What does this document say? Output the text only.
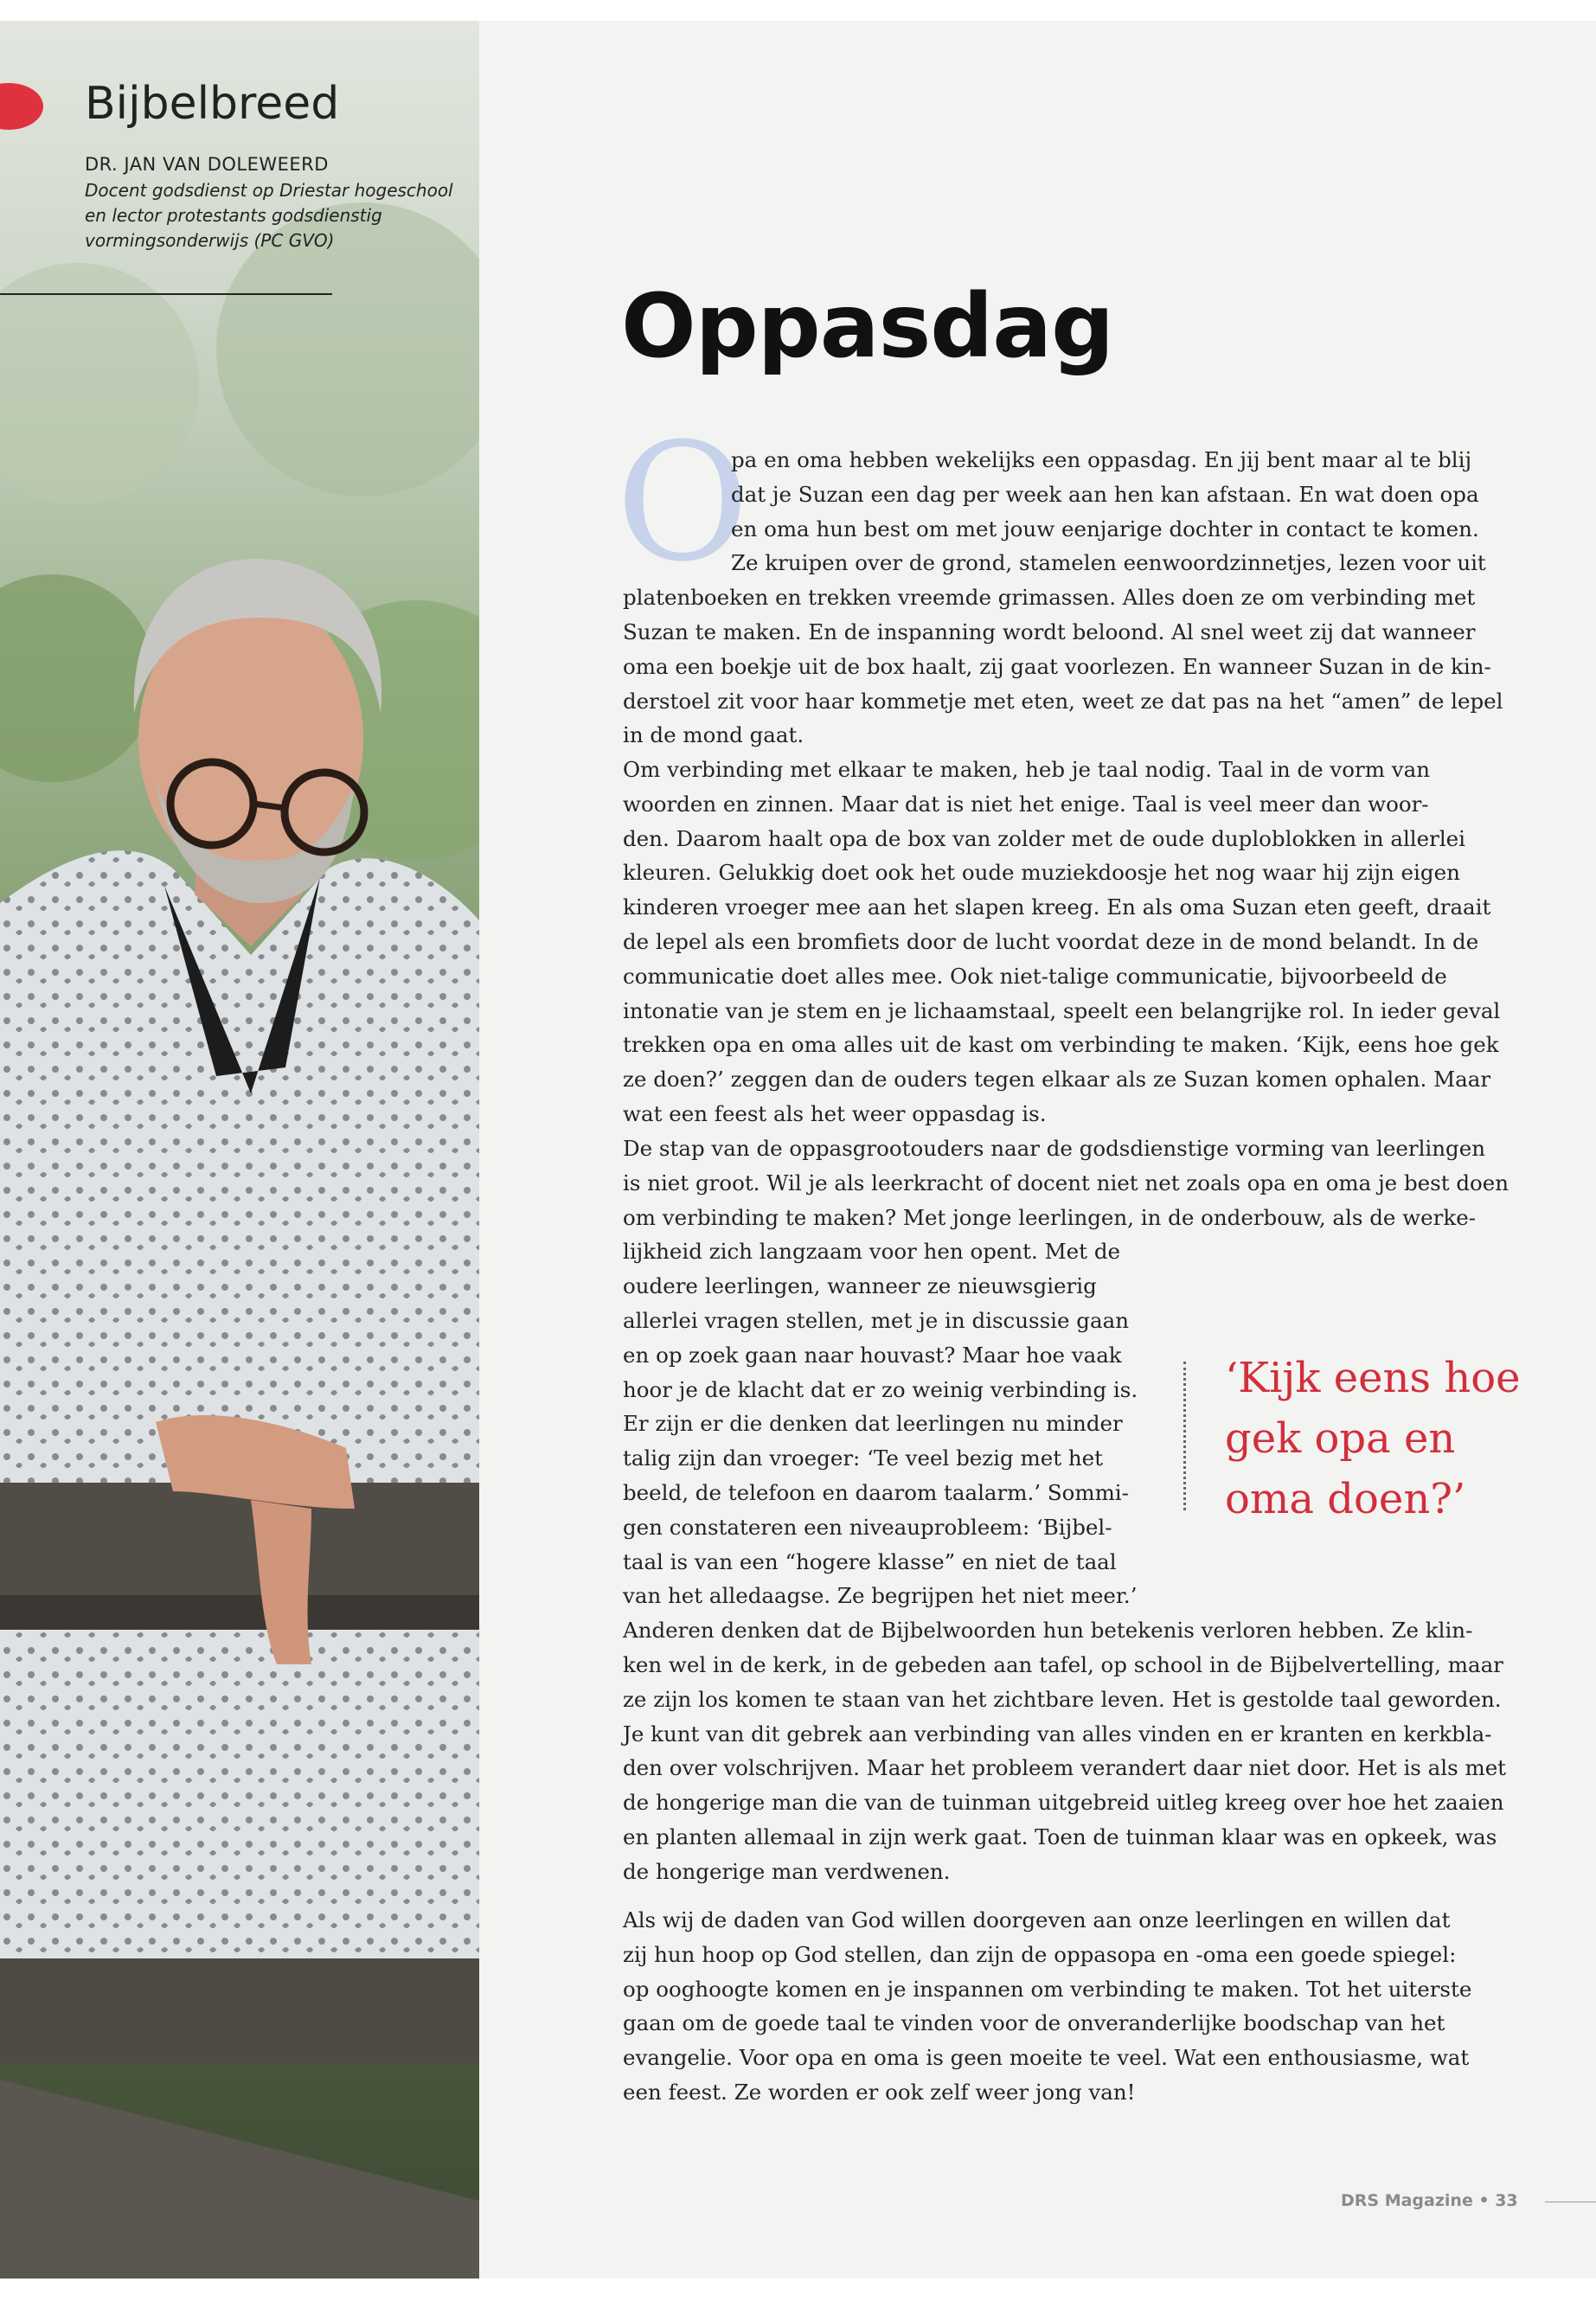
Bijbelbreed
DR. JAN VAN DOLEWEERD
Docent godsdienst op Driestar hogeschool
en lector protestants godsdienstig
vormingsonderwijs (PC GVO)
Oppasdag
O
pa en oma hebben wekelijks een oppasdag. En jij bent maar al te blij
dat je Suzan een dag per week aan hen kan afstaan. En wat doen opa
en oma hun best om met jouw eenjarige dochter in contact te komen.
Ze kruipen over de grond, stamelen eenwoordzinnetjes, lezen voor uit
platenboeken en trekken vreemde grimassen. Alles doen ze om verbinding met
Suzan te maken. En de inspanning wordt beloond. Al snel weet zij dat wanneer
oma een boekje uit de box haalt, zij gaat voorlezen. En wanneer Suzan in de kin-
derstoel zit voor haar kommetje met eten, weet ze dat pas na het “amen” de lepel
in de mond gaat.
Om verbinding met elkaar te maken, heb je taal nodig. Taal in de vorm van
woorden en zinnen. Maar dat is niet het enige. Taal is veel meer dan woor-
den. Daarom haalt opa de box van zolder met de oude duploblokken in allerlei
kleuren. Gelukkig doet ook het oude muziekdoosje het nog waar hij zijn eigen
kinderen vroeger mee aan het slapen kreeg. En als oma Suzan eten geeft, draait
de lepel als een bromfiets door de lucht voordat deze in de mond belandt. In de
communicatie doet alles mee. Ook niet-talige communicatie, bijvoorbeeld de
intonatie van je stem en je lichaamstaal, speelt een belangrijke rol. In ieder geval
trekken opa en oma alles uit de kast om verbinding te maken. ‘Kijk, eens hoe gek
ze doen?’ zeggen dan de ouders tegen elkaar als ze Suzan komen ophalen. Maar
wat een feest als het weer oppasdag is.
De stap van de oppasgrootouders naar de godsdienstige vorming van leerlingen
is niet groot. Wil je als leerkracht of docent niet net zoals opa en oma je best doen
om verbinding te maken? Met jonge leerlingen, in de onderbouw, als de werke-
lijkheid zich langzaam voor hen opent. Met de
oudere leerlingen, wanneer ze nieuwsgierig
allerlei vragen stellen, met je in discussie gaan
en op zoek gaan naar houvast? Maar hoe vaak
hoor je de klacht dat er zo weinig verbinding is.
Er zijn er die denken dat leerlingen nu minder
talig zijn dan vroeger: ‘Te veel bezig met het
beeld, de telefoon en daarom taalarm.’ Sommi-
gen constateren een niveauprobleem: ‘Bijbel-
taal is van een “hogere klasse” en niet de taal
van het alledaagse. Ze begrijpen het niet meer.’
Anderen denken dat de Bijbelwoorden hun betekenis verloren hebben. Ze klin-
ken wel in de kerk, in de gebeden aan tafel, op school in de Bijbelvertelling, maar
ze zijn los komen te staan van het zichtbare leven. Het is gestolde taal geworden.
Je kunt van dit gebrek aan verbinding van alles vinden en er kranten en kerkbla-
den over volschrijven. Maar het probleem verandert daar niet door. Het is als met
de hongerige man die van de tuinman uitgebreid uitleg kreeg over hoe het zaaien
en planten allemaal in zijn werk gaat. Toen de tuinman klaar was en opkeek, was
de hongerige man verdwenen.
Als wij de daden van God willen doorgeven aan onze leerlingen en willen dat
zij hun hoop op God stellen, dan zijn de oppasopa en -oma een goede spiegel:
op ooghoogte komen en je inspannen om verbinding te maken. Tot het uiterste
gaan om de goede taal te vinden voor de onveranderlijke boodschap van het
evangelie. Voor opa en oma is geen moeite te veel. Wat een enthousiasme, wat
een feest. Ze worden er ook zelf weer jong van!
‘Kijk eens hoe
gek opa en
oma doen?’
DRS Magazine • 33
